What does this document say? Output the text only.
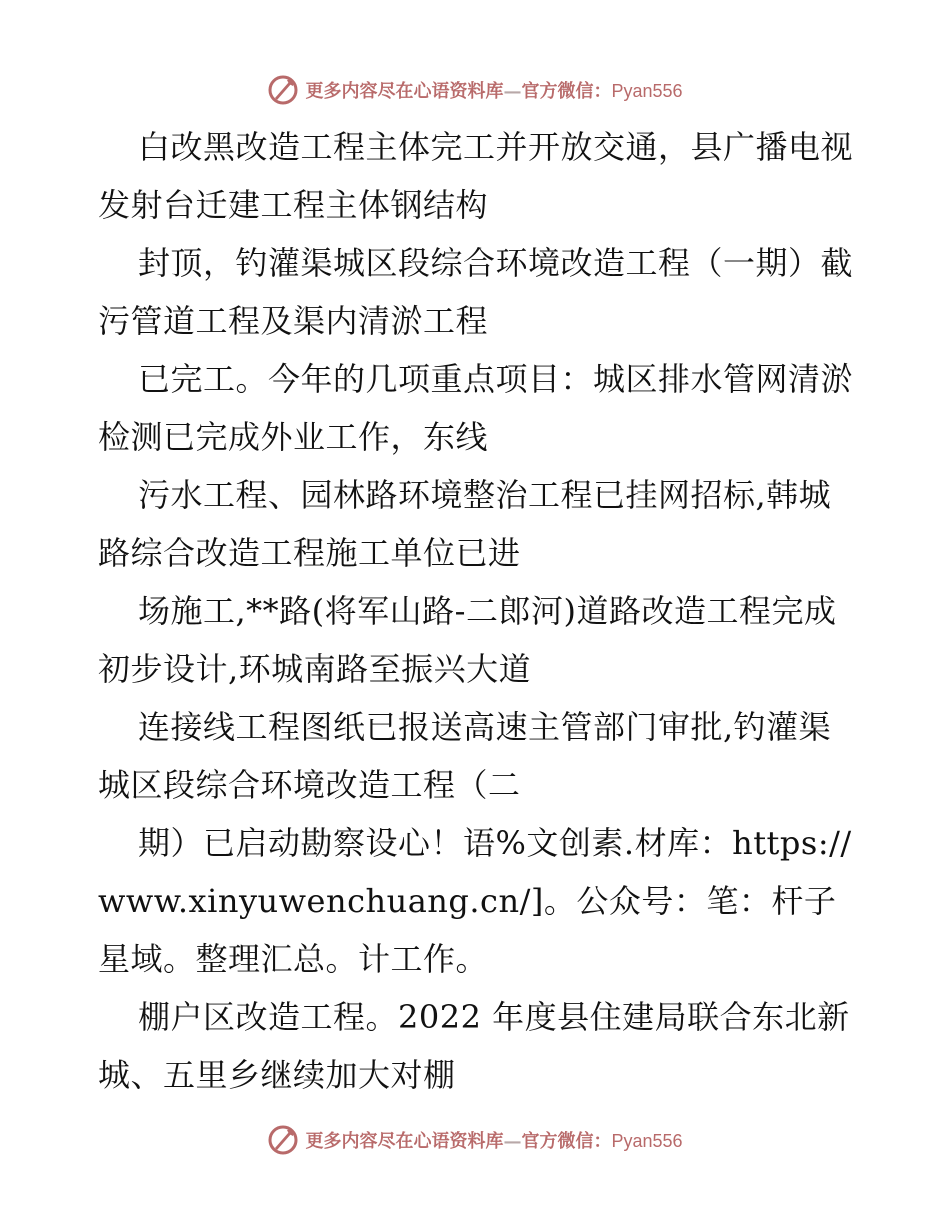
更多内容尽在心语资料库—官方微信：Pyan556

白改黑改造工程主体完工并开放交通，县广播电视发射台迁建工程主体钢结构

封顶，钓灌渠城区段综合环境改造工程（一期）截污管道工程及渠内清淤工程

已完工。今年的几项重点项目：城区排水管网清淤检测已完成外业工作，东线

污水工程、园林路环境整治工程已挂网招标,韩城路综合改造工程施工单位已进

场施工,**路(将军山路-二郎河)道路改造工程完成初步设计,环城南路至振兴大道

连接线工程图纸已报送高速主管部门审批,钓灌渠城区段综合环境改造工程（二

期）已启动勘察设心！语%文创素.材库：https://www.xinyuwenchuang.cn/]。公众号：笔：杆子星域。整理汇总。计工作。

棚户区改造工程。2022 年度县住建局联合东北新城、五里乡继续加大对棚

更多内容尽在心语资料库—官方微信：Pyan556
